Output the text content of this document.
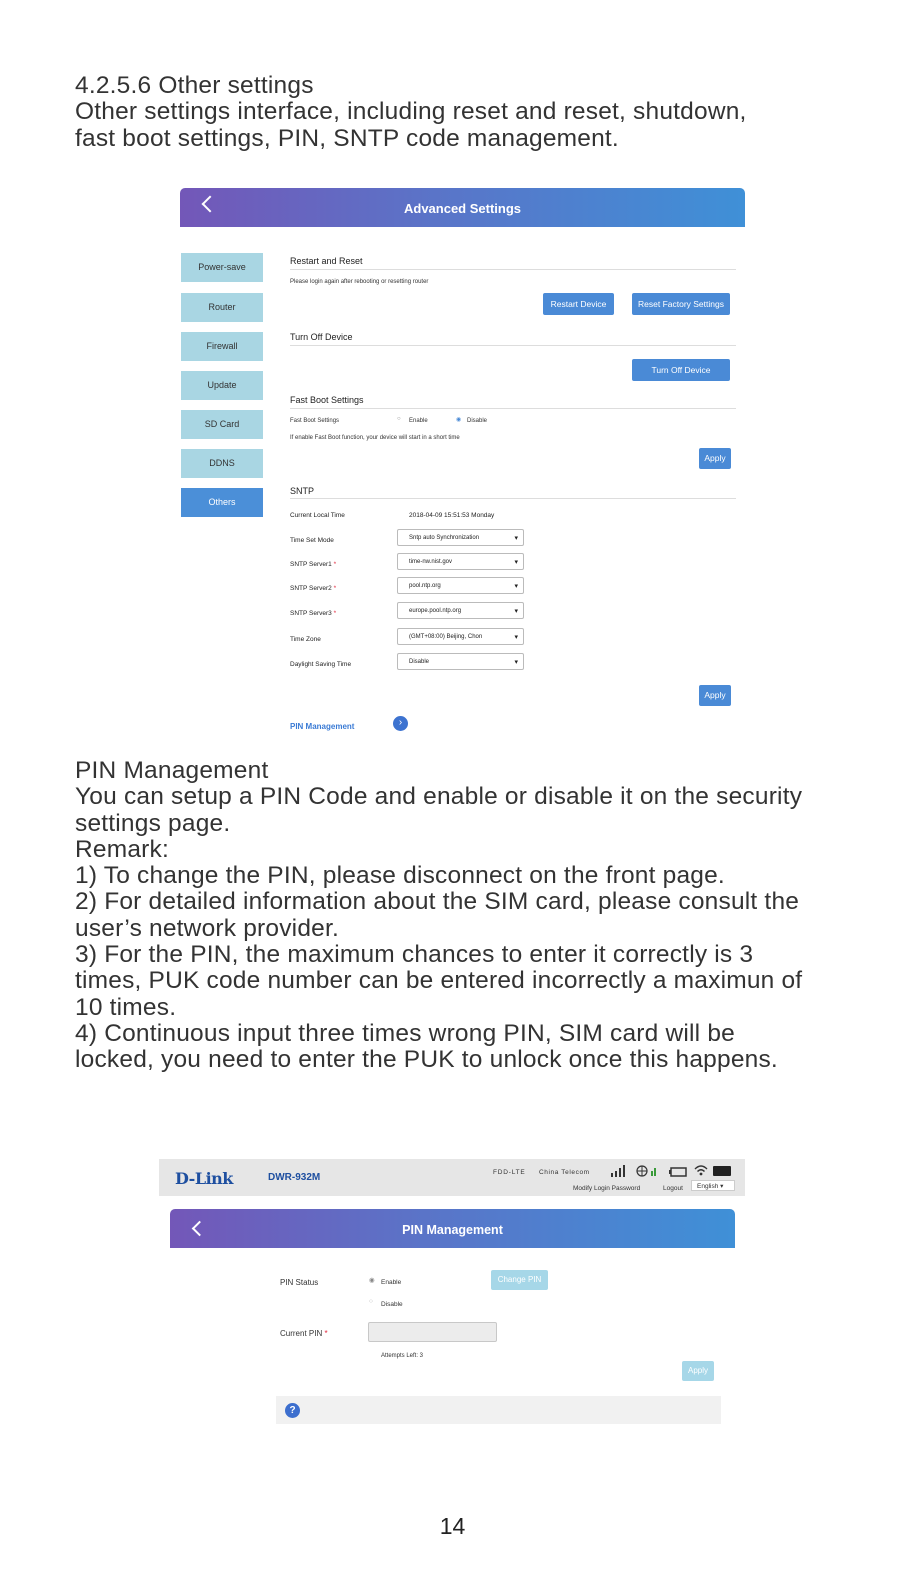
4.2.5.6 Other settings
Other settings interface, including reset and reset, shutdown,
fast boot settings, PIN, SNTP code management.
Advanced Settings
Power-save
Router
Firewall
Update
SD Card
DDNS
Others
Restart and Reset
Please login again after rebooting or resetting router
Restart Device	Reset Factory Settings
Turn Off Device
Turn Off Device
Fast Boot Settings
Fast Boot Settings	○ Enable	◉ Disable
If enable Fast Boot function, your device will start in a short time
Apply
SNTP
Current Local Time	2018-04-09 15:51:53 Monday
Time Set Mode	Sntp auto Synchronization ▾
SNTP Server1 *	time-nw.nist.gov ▾
SNTP Server2 *	pool.ntp.org ▾
SNTP Server3 *	europe.pool.ntp.org ▾
Time Zone	(GMT+08:00) Beijing, Chon ▾
Daylight Saving Time	Disable ▾
Apply
PIN Management	›
PIN Management
You can setup a PIN Code and enable or disable it on the security
settings page.
Remark:
1) To change the PIN, please disconnect on the front page.
2) For detailed information about the SIM card, please consult the
user’s network provider.
3) For the PIN, the maximum chances to enter it correctly is 3
times, PUK code number can be entered incorrectly a maximun of
10 times.
4) Continuous input three times wrong PIN, SIM card will be
locked, you need to enter the PUK to unlock once this happens.
D-Link	DWR-932M	FDD-LTE China Telecom
Modify Login Password	Logout	English ▾
PIN Management
PIN Status	◉ Enable
○ Disable
Change PIN
Current PIN *
Attempts Left: 3
Apply
?
14
